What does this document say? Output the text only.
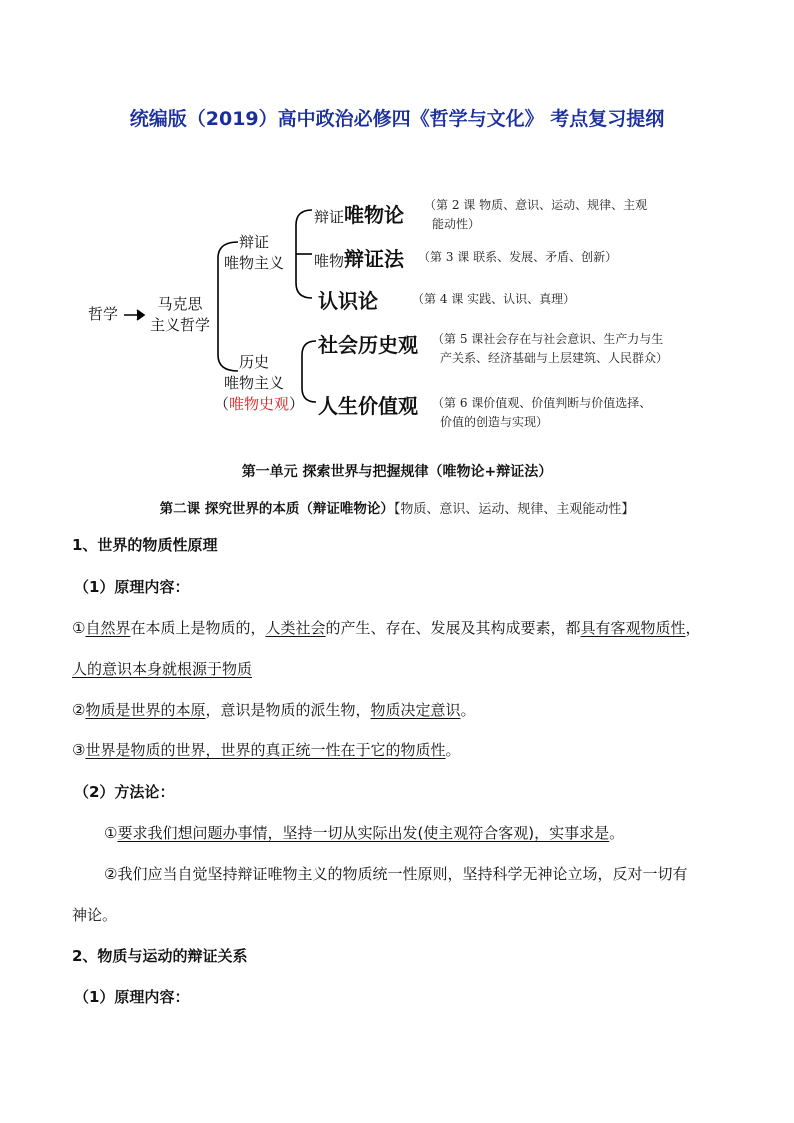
统编版（2019）高中政治必修四《哲学与文化》 考点复习提纲
哲学
马克思
主义哲学
辩证
唯物主义
历史
唯物主义
（唯物史观）
辩证唯物论 （第 2 课 物质、意识、运动、规律、主观
能动性）
唯物辩证法 （第 3 课 联系、发展、矛盾、创新）
认识论	（第 4 课 实践、认识、真理）
社会历史观 （第 5 课社会存在与社会意识、生产力与生
产关系、经济基础与上层建筑、人民群众）
人生价值观 （第 6 课价值观、价值判断与价值选择、
价值的创造与实现）
第一单元 探索世界与把握规律（唯物论+辩证法）
第二课 探究世界的本质（辩证唯物论）【物质、意识、运动、规律、主观能动性】
1、世界的物质性原理
（1）原理内容：
①自然界在本质上是物质的，人类社会的产生、存在、发展及其构成要素，都具有客观物质性，
人的意识本身就根源于物质
②物质是世界的本原，意识是物质的派生物，物质决定意识。
③世界是物质的世界，世界的真正统一性在于它的物质性。
（2）方法论：
①要求我们想问题办事情，坚持一切从实际出发(使主观符合客观)，实事求是。
②我们应当自觉坚持辩证唯物主义的物质统一性原则，坚持科学无神论立场，反对一切有
神论。
2、物质与运动的辩证关系
（1）原理内容：
